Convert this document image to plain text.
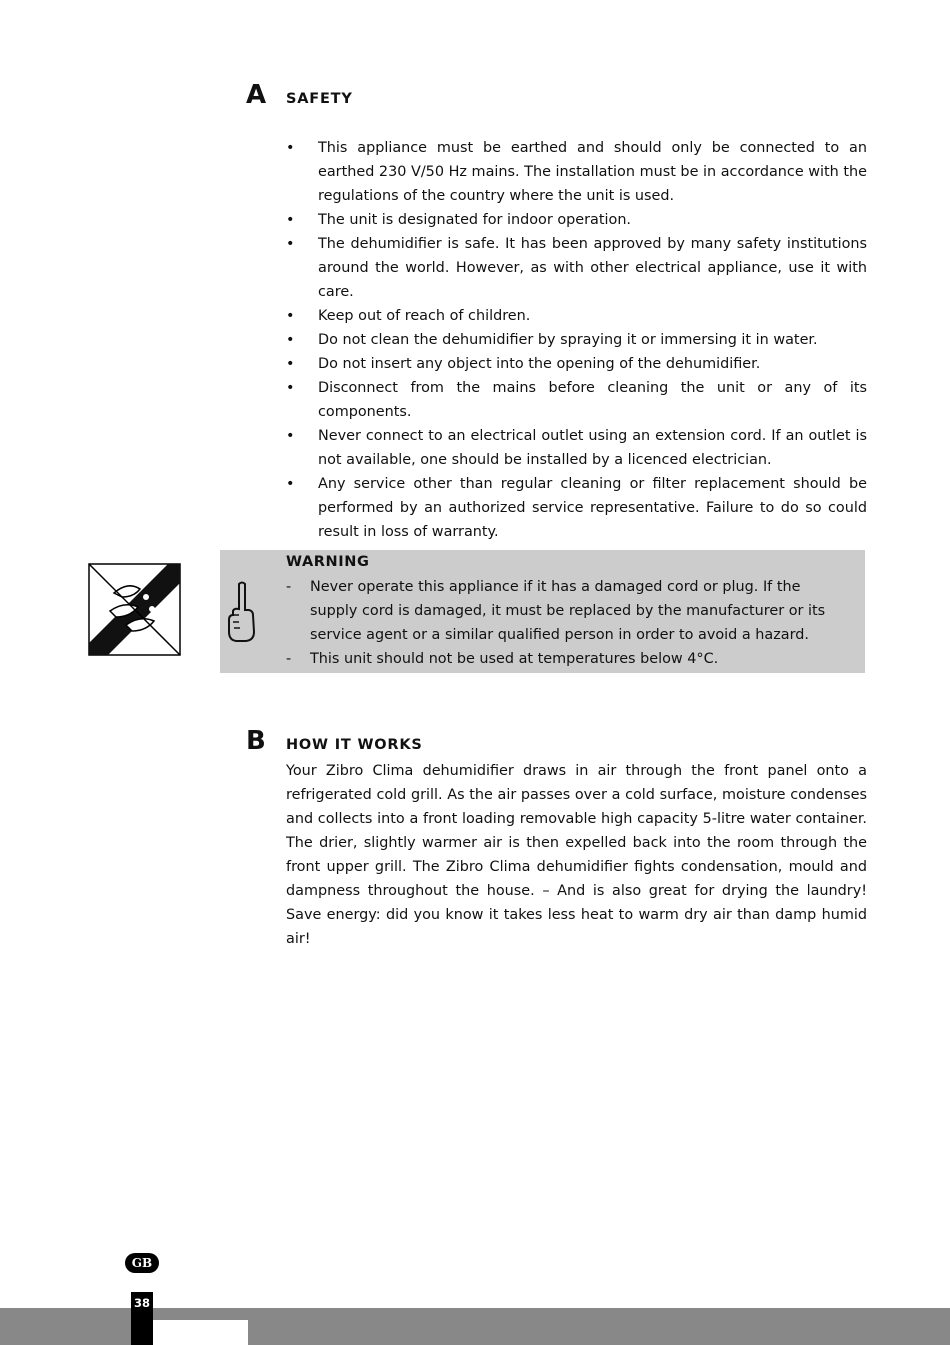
A SAFETY
• This appliance must be earthed and should only be connected to an earthed 230 V/50 Hz mains. The installation must be in accordance with the regulations of the country where the unit is used.
• The unit is designated for indoor operation.
• The dehumidifier is safe. It has been approved by many safety institutions around the world. However, as with other electrical appliance, use it with care.
• Keep out of reach of children.
• Do not clean the dehumidifier by spraying it or immersing it in water.
• Do not insert any object into the opening of the dehumidifier.
• Disconnect from the mains before cleaning the unit or any of its components.
• Never connect to an electrical outlet using an extension cord. If an outlet is not available, one should be installed by a licenced electrician.
• Any service other than regular cleaning or filter replacement should be performed by an authorized service representative. Failure to do so could result in loss of warranty.
WARNING
- Never operate this appliance if it has a damaged cord or plug. If the supply cord is damaged, it must be replaced by the manufacturer or its service agent or a similar qualified person in order to avoid a hazard.
- This unit should not be used at temperatures below 4°C.
B HOW IT WORKS

Your Zibro Clima dehumidifier draws in air through the front panel onto a refrigerated cold grill. As the air passes over a cold surface, moisture condenses and collects into a front loading removable high capacity 5-litre water container. The drier, slightly warmer air is then expelled back into the room through the front upper grill. The Zibro Clima dehumidifier fights condensation, mould and dampness throughout the house. – And is also great for drying the laundry! Save energy: did you know it takes less heat to warm dry air than damp humid air!

GB
38
